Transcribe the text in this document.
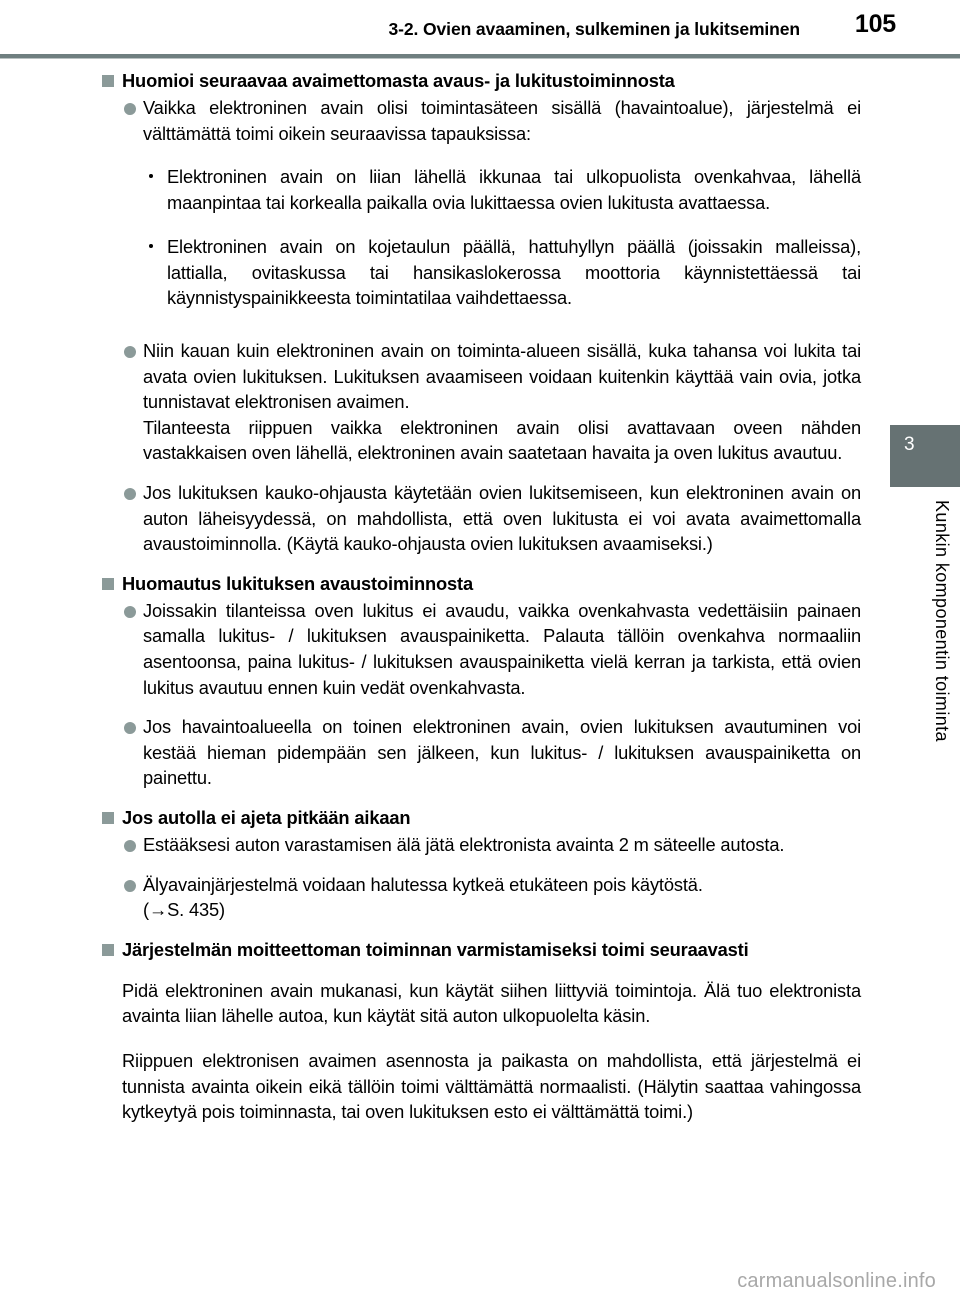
3-2. Ovien avaaminen, sulkeminen ja lukitseminen 105
3
Kunkin komponentin toiminta
Huomioi seuraavaa avaimettomasta avaus- ja lukitustoiminnosta

Vaikka elektroninen avain olisi toimintasäteen sisällä (havaintoalue), järjestelmä ei välttämättä toimi oikein seuraavissa tapauksissa:

Elektroninen avain on liian lähellä ikkunaa tai ulkopuolista ovenkahvaa, lähellä maanpintaa tai korkealla paikalla ovia lukittaessa ovien lukitusta avattaessa.

Elektroninen avain on kojetaulun päällä, hattuhyllyn päällä (joissakin malleissa), lattialla, ovitaskussa tai hansikaslokerossa moottoria käynnistettäessä tai käynnistyspainikkeesta toimintatilaa vaihdettaessa.

Niin kauan kuin elektroninen avain on toiminta-alueen sisällä, kuka tahansa voi lukita tai avata ovien lukituksen. Lukituksen avaamiseen voidaan kuitenkin käyttää vain ovia, jotka tunnistavat elektronisen avaimen.

Tilanteesta riippuen vaikka elektroninen avain olisi avattavaan oveen nähden vastakkaisen oven lähellä, elektroninen avain saatetaan havaita ja oven lukitus avautuu.

Jos lukituksen kauko-ohjausta käytetään ovien lukitsemiseen, kun elektroninen avain on auton läheisyydessä, on mahdollista, että oven lukitusta ei voi avata avaimettomalla avaustoiminnolla. (Käytä kauko-ohjausta ovien lukituksen avaamiseksi.)

Huomautus lukituksen avaustoiminnosta

Joissakin tilanteissa oven lukitus ei avaudu, vaikka ovenkahvasta vedettäisiin painaen samalla lukitus- / lukituksen avauspainiketta. Palauta tällöin ovenkahva normaaliin asentoonsa, paina lukitus- / lukituksen avauspainiketta vielä kerran ja tarkista, että ovien lukitus avautuu ennen kuin vedät ovenkahvasta.

Jos havaintoalueella on toinen elektroninen avain, ovien lukituksen avautuminen voi kestää hieman pidempään sen jälkeen, kun lukitus- / lukituksen avauspainiketta on painettu.

Jos autolla ei ajeta pitkään aikaan

Estääksesi auton varastamisen älä jätä elektronista avainta 2 m säteelle autosta.

Älyavainjärjestelmä voidaan halutessa kytkeä etukäteen pois käytöstä.

(→S. 435)

Järjestelmän moitteettoman toiminnan varmistamiseksi toimi seuraavasti

Pidä elektroninen avain mukanasi, kun käytät siihen liittyviä toimintoja. Älä tuo elektronista avainta liian lähelle autoa, kun käytät sitä auton ulkopuolelta käsin.

Riippuen elektronisen avaimen asennosta ja paikasta on mahdollista, että järjestelmä ei tunnista avainta oikein eikä tällöin toimi välttämättä normaalisti. (Hälytin saattaa vahingossa kytkeytyä pois toiminnasta, tai oven lukituksen esto ei välttämättä toimi.)

carmanualsonline.info
